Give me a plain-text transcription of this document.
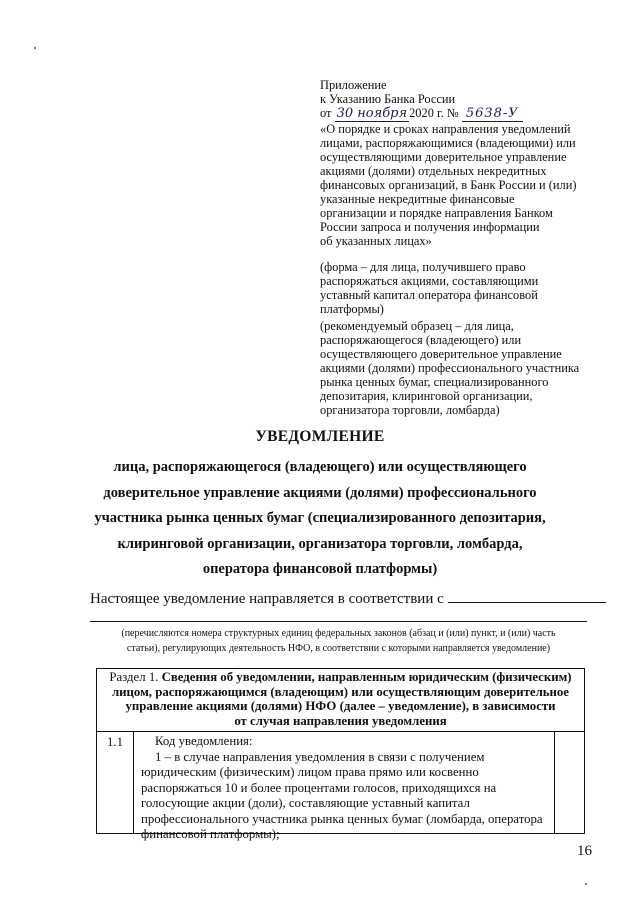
Приложение
к Указанию Банка России
от 30 ноября 2020 г. № 5638-У
«О порядке и сроках направления уведомлений
лицами, распоряжающимися (владеющими) или
осуществляющими доверительное управление
акциями (долями) отдельных некредитных
финансовых организаций, в Банк России и (или)
указанные некредитные финансовые
организации и порядке направления Банком
России запроса и получения информации
об указанных лицах»
(форма – для лица, получившего право
распоряжаться акциями, составляющими
уставный капитал оператора финансовой
платформы)
(рекомендуемый образец – для лица,
распоряжающегося (владеющего) или
осуществляющего доверительное управление
акциями (долями) профессионального участника
рынка ценных бумаг, специализированного
депозитария, клиринговой организации,
организатора торговли, ломбарда)
УВЕДОМЛЕНИЕ
лица, распоряжающегося (владеющего) или осуществляющего
доверительное управление акциями (долями) профессионального
участника рынка ценных бумаг (специализированного депозитария,
клиринговой организации, организатора торговли, ломбарда,
оператора финансовой платформы)
Настоящее уведомление направляется в соответствии с
(перечисляются номера структурных единиц федеральных законов (абзац и (или) пункт, и (или) часть
статьи), регулирующих деятельность НФО, в соответствии с которыми направляется уведомление)
Раздел 1. Сведения об уведомлении, направленным юридическим (физическим)
лицом, распоряжающимся (владеющим) или осуществляющим доверительное
управление акциями (долями) НФО (далее – уведомление), в зависимости
от случая направления уведомления
1.1	Код уведомления:
1 – в случае направления уведомления в связи с получением
юридическим (физическим) лицом права прямо или косвенно
распоряжаться 10 и более процентами голосов, приходящихся на
голосующие акции (доли), составляющие уставный капитал
профессионального участника рынка ценных бумаг (ломбарда, оператора
финансовой платформы);
16
